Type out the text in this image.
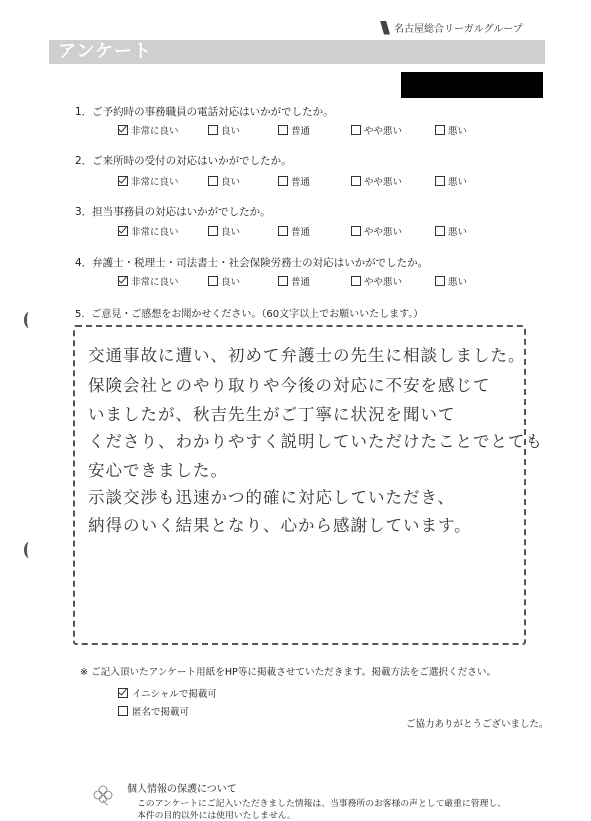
アンケート
名古屋総合リーガルグループ
1．ご予約時の事務職員の電話対応はいかがでしたか。
非常に良い	良い	普通	やや悪い	悪い
2．ご来所時の受付の対応はいかがでしたか。
非常に良い	良い	普通	やや悪い	悪い
3．担当事務員の対応はいかがでしたか。
非常に良い	良い	普通	やや悪い	悪い
4．弁護士・税理士・司法書士・社会保険労務士の対応はいかがでしたか。
非常に良い	良い	普通	やや悪い	悪い
5．ご意見・ご感想をお聞かせください。（60文字以上でお願いいたします。）
交通事故に遭い、初めて弁護士の先生に相談しました。
保険会社とのやり取りや今後の対応に不安を感じて
いましたが、秋吉先生がご丁寧に状況を聞いて
くださり、わかりやすく説明していただけたことでとても
安心できました。
示談交渉も迅速かつ的確に対応していただき、
納得のいく結果となり、心から感謝しています。
※ ご記入頂いたアンケート用紙をHP等に掲載させていただきます。掲載方法をご選択ください。
イニシャルで掲載可
匿名で掲載可
ご協力ありがとうございました。
個人情報の保護について
このアンケートにご記入いただきました情報は、当事務所のお客様の声として厳重に管理し、
本件の目的以外には使用いたしません。
